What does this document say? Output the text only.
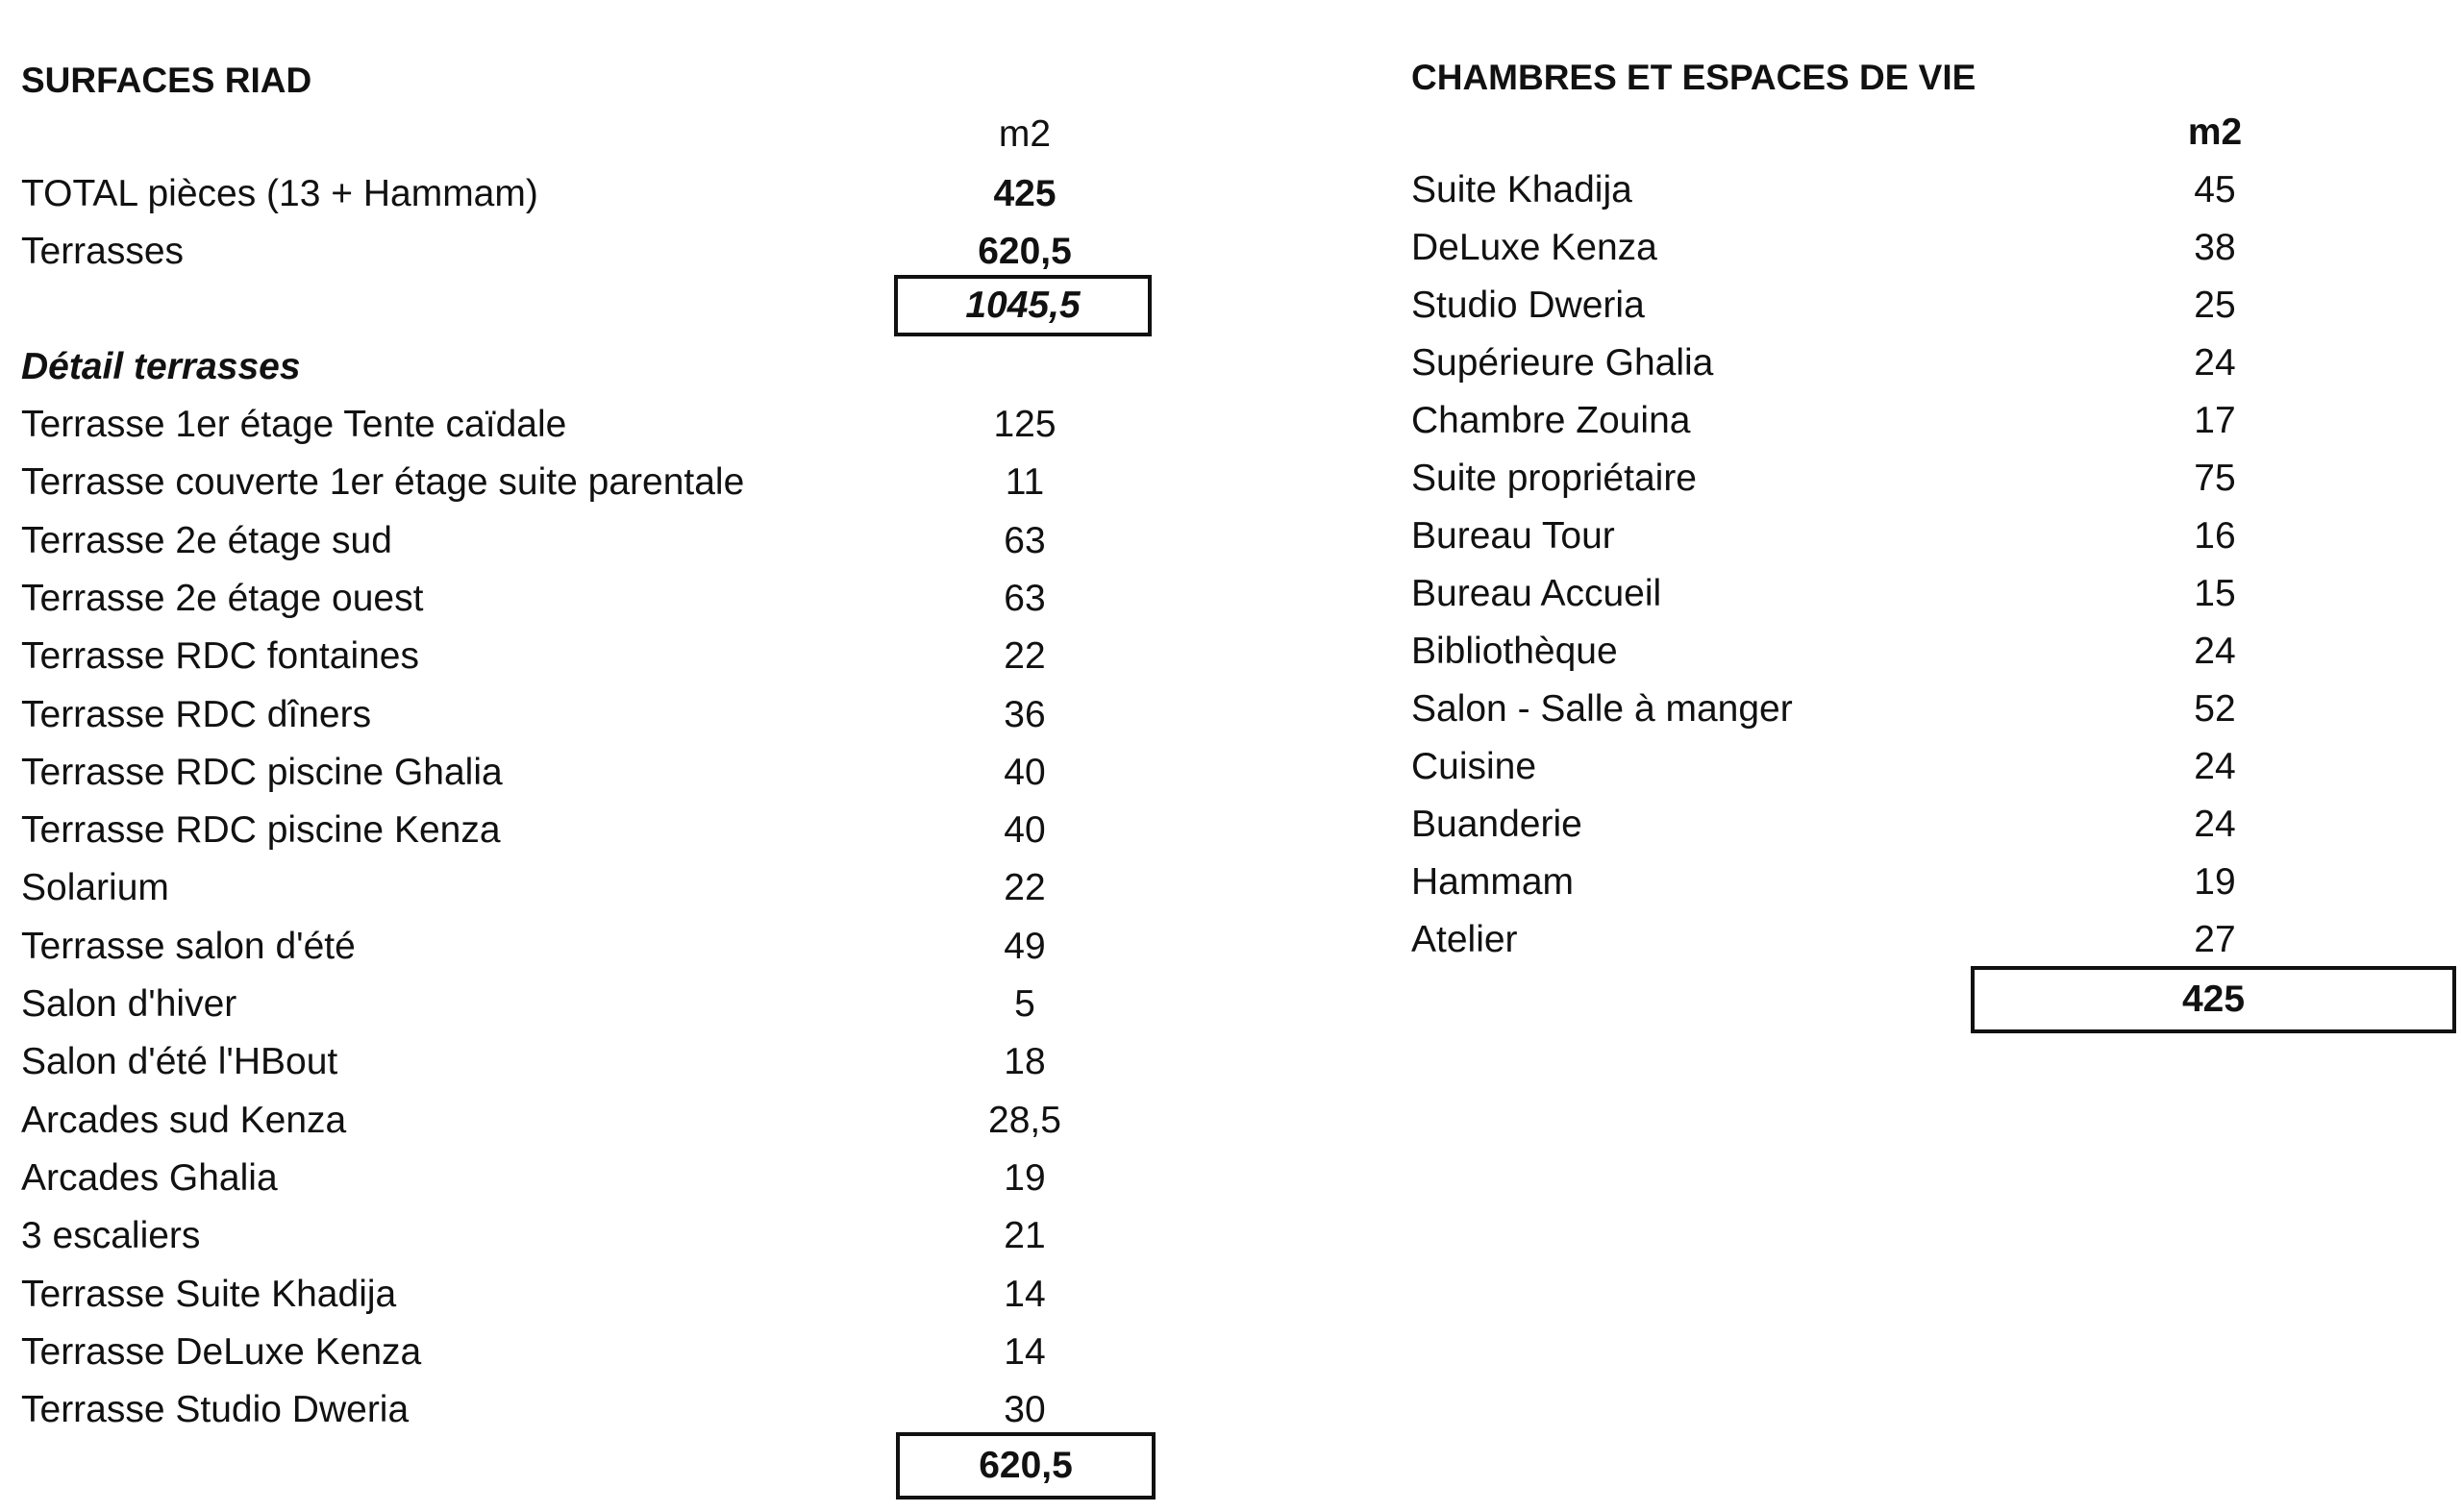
SURFACES RIAD
m2
TOTAL pièces (13 + Hammam)	425
Terrasses	620,5
1045,5
Détail terrasses
Terrasse 1er étage Tente caïdale	125
Terrasse couverte 1er étage suite parentale	11
Terrasse 2e étage sud	63
Terrasse 2e étage ouest	63
Terrasse RDC fontaines	22
Terrasse RDC dîners	36
Terrasse RDC piscine Ghalia	40
Terrasse RDC piscine Kenza	40
Solarium	22
Terrasse salon d'été	49
Salon d'hiver	5
Salon d'été l'HBout	18
Arcades sud Kenza	28,5
Arcades Ghalia	19
3 escaliers	21
Terrasse Suite Khadija	14
Terrasse DeLuxe Kenza	14
Terrasse Studio Dweria	30
620,5
CHAMBRES ET ESPACES DE VIE
m2
Suite Khadija	45
DeLuxe Kenza	38
Studio Dweria	25
Supérieure Ghalia	24
Chambre Zouina	17
Suite propriétaire	75
Bureau Tour	16
Bureau Accueil	15
Bibliothèque	24
Salon - Salle à manger	52
Cuisine	24
Buanderie	24
Hammam	19
Atelier	27
425
